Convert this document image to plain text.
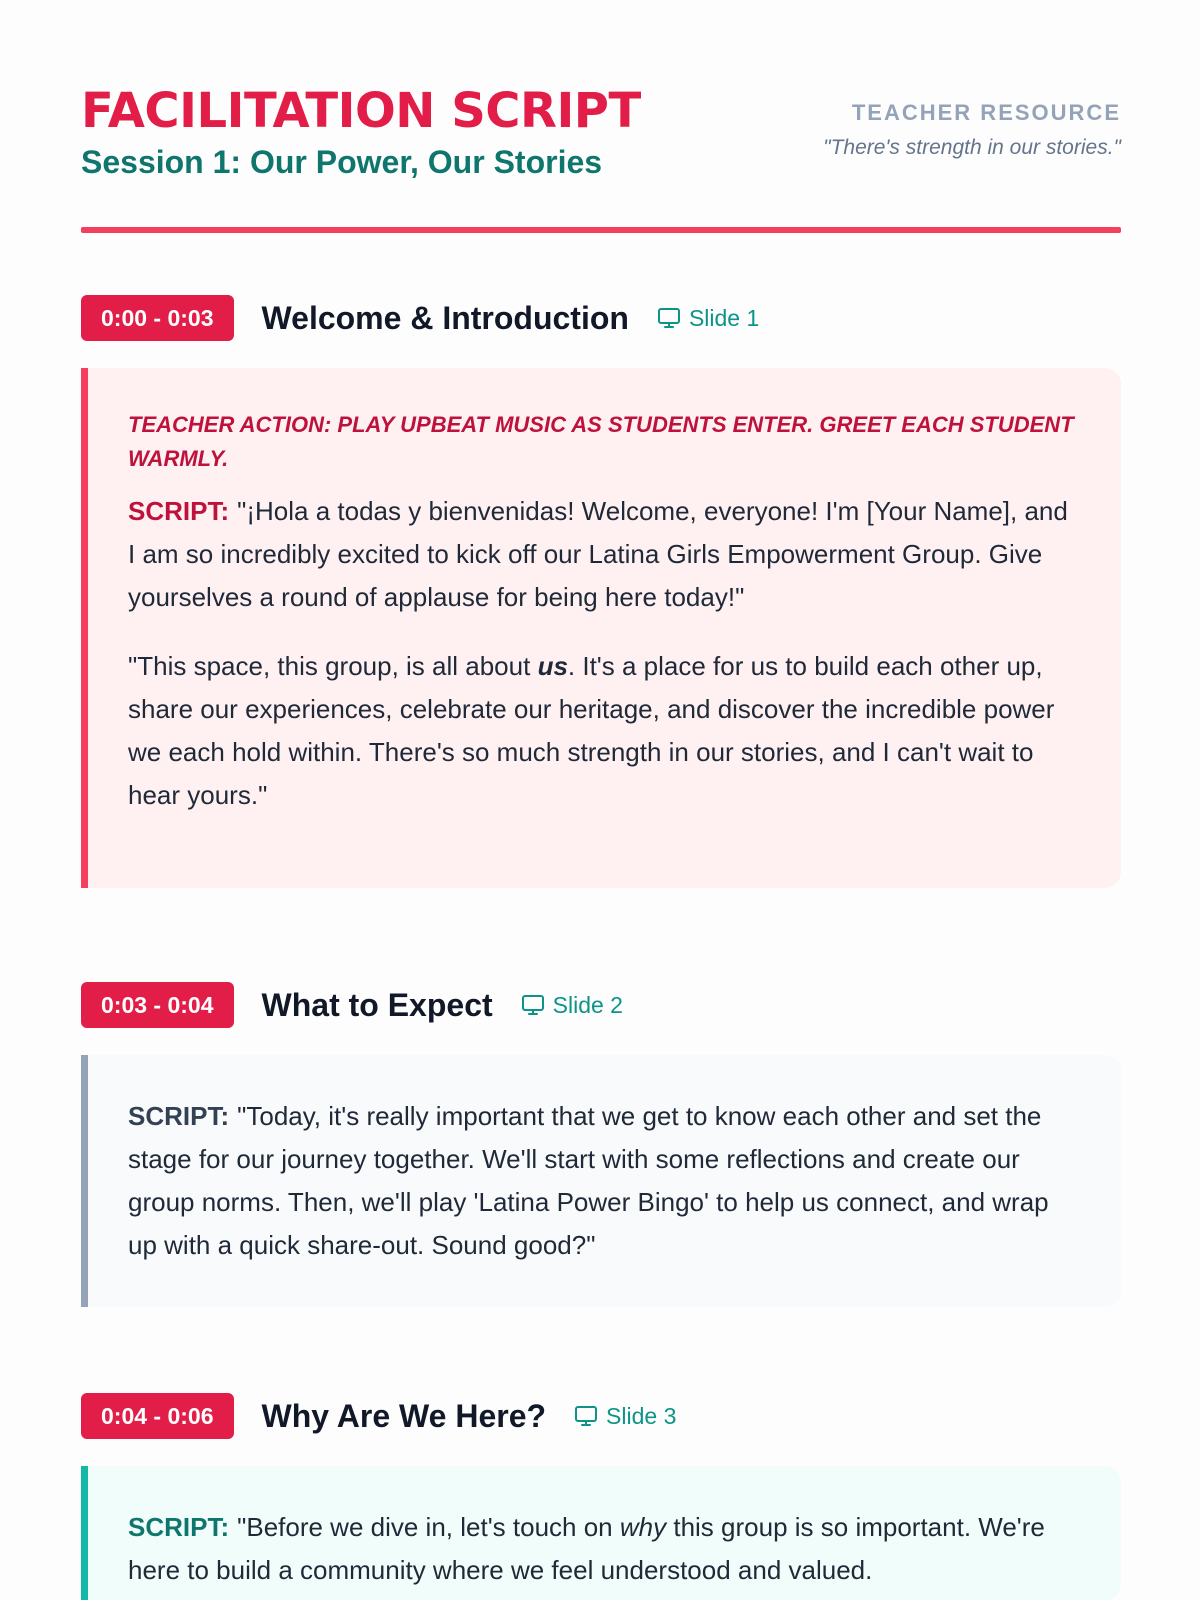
FACILITATION SCRIPT
Session 1: Our Power, Our Stories
TEACHER RESOURCE
"There's strength in our stories."
0:00 - 0:03	Welcome & Introduction	Slide 1

TEACHER ACTION: PLAY UPBEAT MUSIC AS STUDENTS ENTER. GREET EACH STUDENT WARMLY.

SCRIPT: "¡Hola a todas y bienvenidas! Welcome, everyone! I'm [Your Name], and I am so incredibly excited to kick off our Latina Girls Empowerment Group. Give yourselves a round of applause for being here today!"

"This space, this group, is all about us. It's a place for us to build each other up, share our experiences, celebrate our heritage, and discover the incredible power we each hold within. There's so much strength in our stories, and I can't wait to hear yours."

0:03 - 0:04	What to Expect	Slide 2

SCRIPT: "Today, it's really important that we get to know each other and set the stage for our journey together. We'll start with some reflections and create our group norms. Then, we'll play 'Latina Power Bingo' to help us connect, and wrap up with a quick share-out. Sound good?"

0:04 - 0:06	Why Are We Here?	Slide 3

SCRIPT: "Before we dive in, let's touch on why this group is so important. We're here to build a community where we feel understood and valued.
